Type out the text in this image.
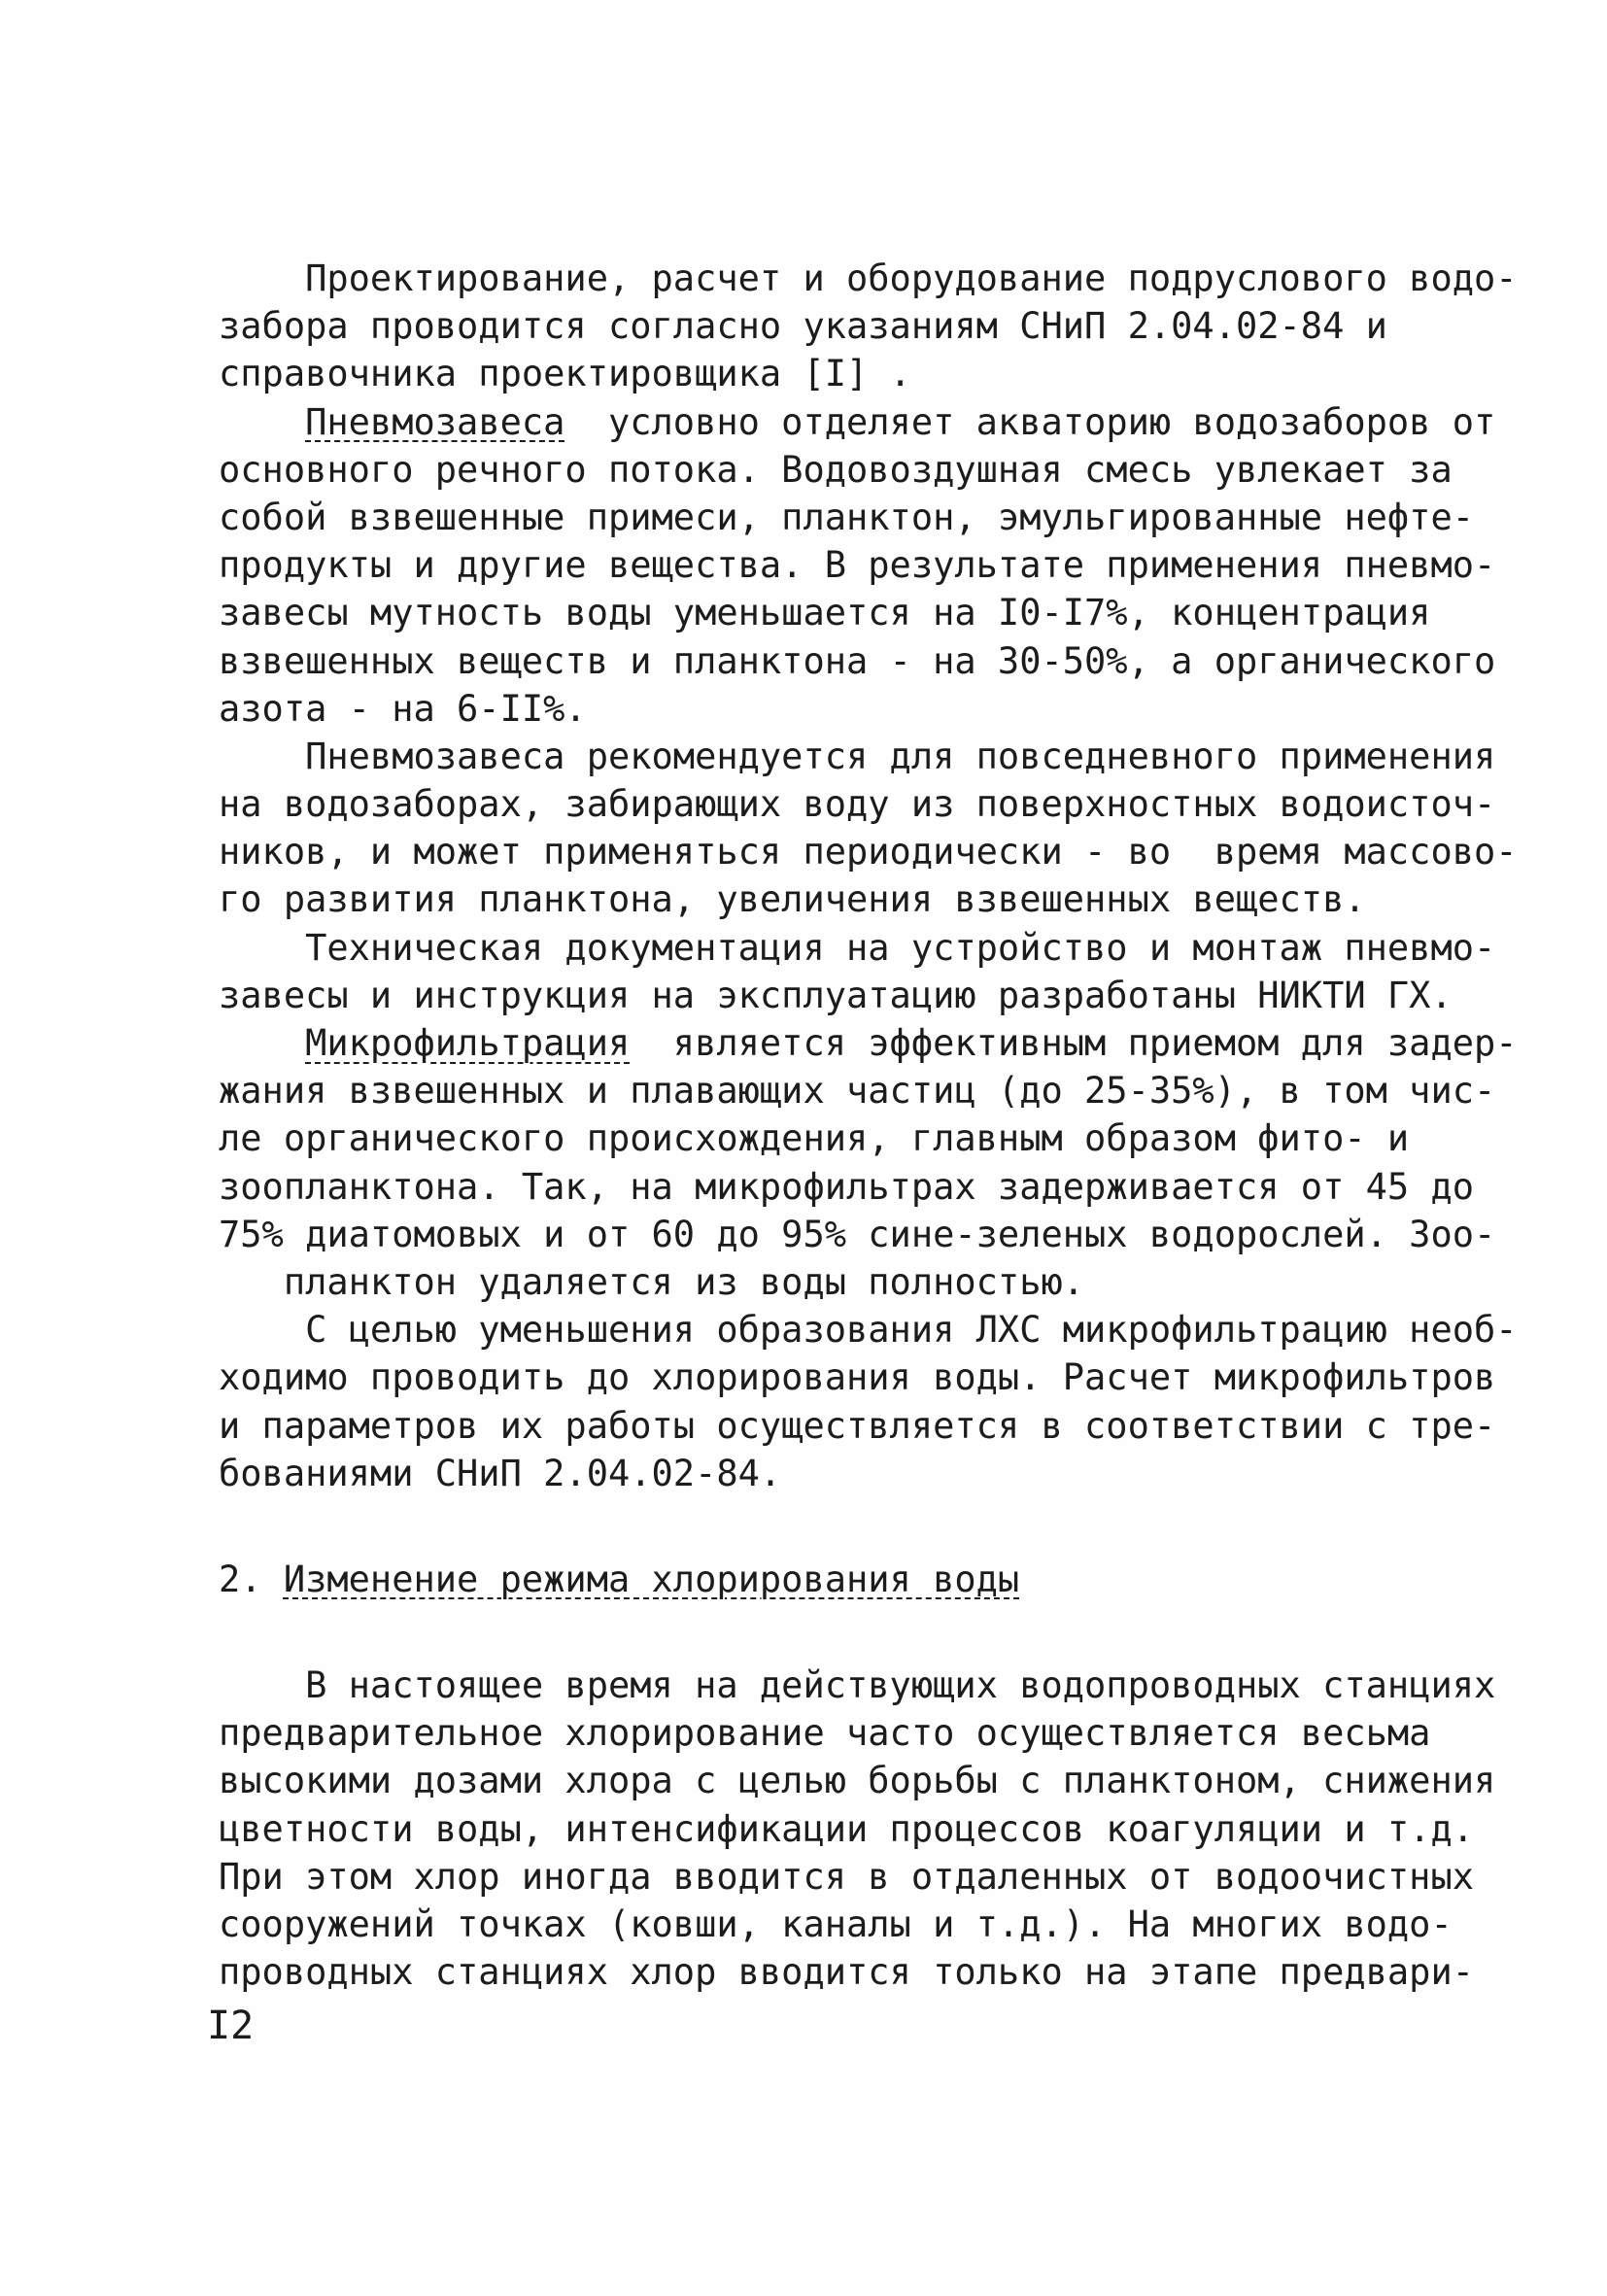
Проектирование, расчет и оборудование подруслового водо-
забора проводится согласно указаниям СНиП 2.04.02-84 и
справочника проектировщика [I] .
Пневмозавеса  условно отделяет акваторию водозаборов от
основного речного потока. Водовоздушная смесь увлекает за
собой взвешенные примеси, планктон, эмульгированные нефте-
продукты и другие вещества. В результате применения пневмо-
завесы мутность воды уменьшается на I0-I7%, концентрация
взвешенных веществ и планктона - на 30-50%, а органического
азота - на 6-II%.
Пневмозавеса рекомендуется для повседневного применения
на водозаборах, забирающих воду из поверхностных водоисточ-
ников, и может применяться периодически - во  время массово-
го развития планктона, увеличения взвешенных веществ.
Техническая документация на устройство и монтаж пневмо-
завесы и инструкция на эксплуатацию разработаны НИКТИ ГХ.
Микрофильтрация  является эффективным приемом для задер-
жания взвешенных и плавающих частиц (до 25-35%), в том чис-
ле органического происхождения, главным образом фито- и
зоопланктона. Так, на микрофильтрах задерживается от 45 до
75% диатомовых и от 60 до 95% сине-зеленых водорослей. Зоо-
планктон удаляется из воды полностью.
С целью уменьшения образования ЛХС микрофильтрацию необ-
ходимо проводить до хлорирования воды. Расчет микрофильтров
и параметров их работы осуществляется в соответствии с тре-
бованиями СНиП 2.04.02-84.
2. Изменение режима хлорирования воды
В настоящее время на действующих водопроводных станциях
предварительное хлорирование часто осуществляется весьма
высокими дозами хлора с целью борьбы с планктоном, снижения
цветности воды, интенсификации процессов коагуляции и т.д.
При этом хлор иногда вводится в отдаленных от водоочистных
сооружений точках (ковши, каналы и т.д.). На многих водо-
проводных станциях хлор вводится только на этапе предвари-
I2
